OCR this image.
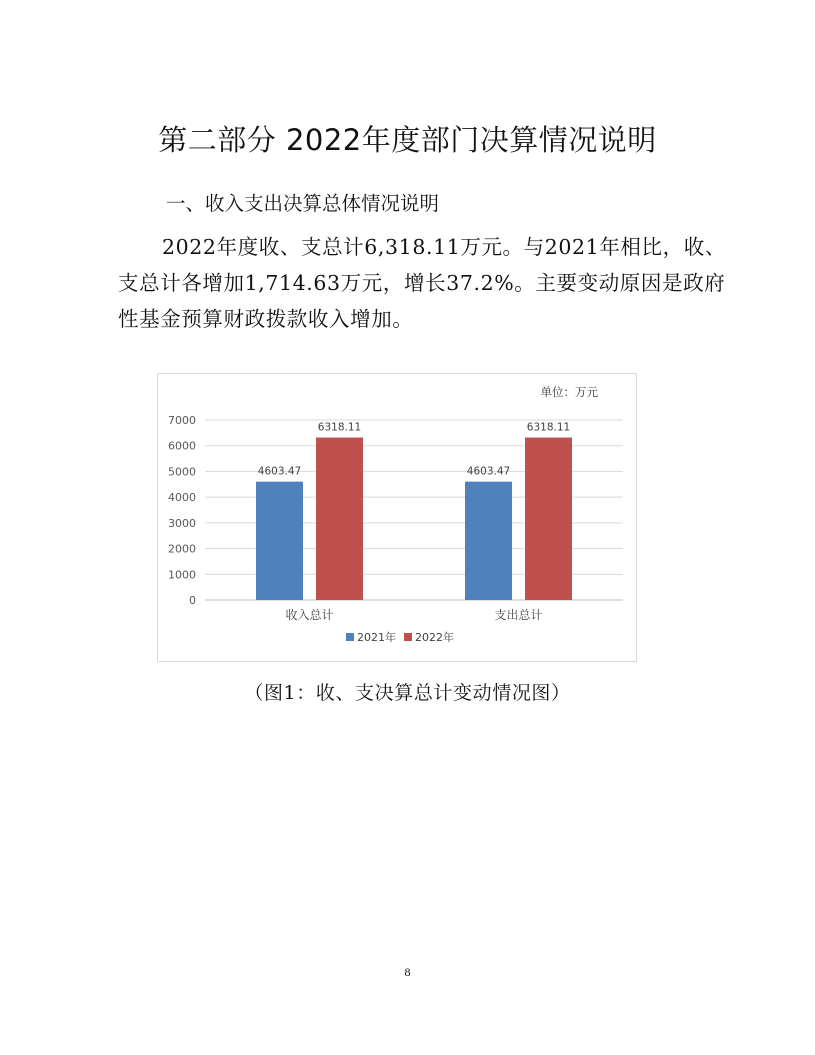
第二部分 2022年度部门决算情况说明
一、收入支出决算总体情况说明
2022年度收、支总计6,318.11万元。与2021年相比，收、
支总计各增加1,714.63万元，增长37.2%。主要变动原因是政府
性基金预算财政拨款收入增加。
单位：万元
0
1000
2000
3000
4000
5000
6000
7000
4603.47
6318.11
收入总计
4603.47
6318.11
支出总计
2021年 2022年
（图1：收、支决算总计变动情况图）
8
